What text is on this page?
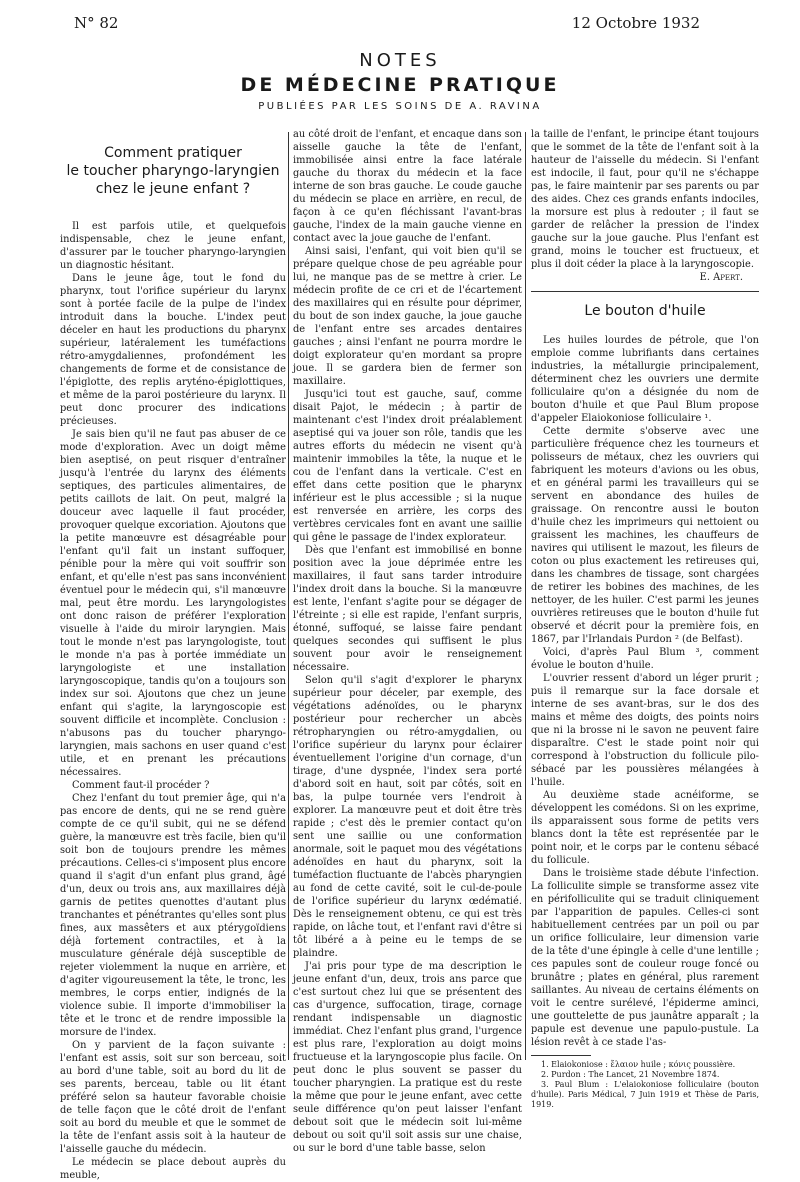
N° 82	12 Octobre 1932
NOTES
DE MÉDECINE PRATIQUE
PUBLIÉES PAR LES SOINS DE A. RAVINA
Comment pratiquer
le toucher pharyngo-laryngien
chez le jeune enfant ?

Il est parfois utile, et quelquefois indispensable, chez le jeune enfant, d'assurer par le toucher pharyngo-laryngien un diagnostic hésitant.

Dans le jeune âge, tout le fond du pharynx, tout l'orifice supérieur du larynx sont à portée facile de la pulpe de l'index introduit dans la bouche. L'index peut déceler en haut les productions du pharynx supérieur, latéralement les tuméfactions rétro-amygdaliennes, profondément les changements de forme et de consistance de l'épiglotte, des replis aryténo-épiglottiques, et même de la paroi postérieure du larynx. Il peut donc procurer des indications précieuses.

Je sais bien qu'il ne faut pas abuser de ce mode d'exploration. Avec un doigt même bien aseptisé, on peut risquer d'entraîner jusqu'à l'entrée du larynx des éléments septiques, des particules alimentaires, de petits caillots de lait. On peut, malgré la douceur avec laquelle il faut procéder, provoquer quelque excoriation. Ajoutons que la petite manœuvre est désagréable pour l'enfant qu'il fait un instant suffoquer, pénible pour la mère qui voit souffrir son enfant, et qu'elle n'est pas sans inconvénient éventuel pour le médecin qui, s'il manœuvre mal, peut être mordu. Les laryngologistes ont donc raison de préférer l'exploration visuelle à l'aide du miroir laryngien. Mais tout le monde n'est pas laryngologiste, tout le monde n'a pas à portée immédiate un laryngologiste et une installation laryngoscopique, tandis qu'on a toujours son index sur soi. Ajoutons que chez un jeune enfant qui s'agite, la laryngoscopie est souvent difficile et incomplète. Conclusion : n'abusons pas du toucher pharyngo-laryngien, mais sachons en user quand c'est utile, et en prenant les précautions nécessaires.

Comment faut-il procéder ?

Chez l'enfant du tout premier âge, qui n'a pas encore de dents, qui ne se rend guère compte de ce qu'il subit, qui ne se défend guère, la manœuvre est très facile, bien qu'il soit bon de toujours prendre les mêmes précautions. Celles-ci s'imposent plus encore quand il s'agit d'un enfant plus grand, âgé d'un, deux ou trois ans, aux maxillaires déjà garnis de petites quenottes d'autant plus tranchantes et pénétrantes qu'elles sont plus fines, aux massêters et aux ptérygoïdiens déjà fortement contractiles, et à la musculature générale déjà susceptible de rejeter violemment la nuque en arrière, et d'agiter vigoureusement la tête, le tronc, les membres, le corps entier, indignés de la violence subie. Il importe d'immobiliser la tête et le tronc et de rendre impossible la morsure de l'index.

On y parvient de la façon suivante : l'enfant est assis, soit sur son berceau, soit au bord d'une table, soit au bord du lit de ses parents, berceau, table ou lit étant préféré selon sa hauteur favorable choisie de telle façon que le côté droit de l'enfant soit au bord du meuble et que le sommet de la tête de l'enfant assis soit à la hauteur de l'aisselle gauche du médecin.

Le médecin se place debout auprès du meuble,

au côté droit de l'enfant, et encaque dans son aisselle gauche la tête de l'enfant, immobilisée ainsi entre la face latérale gauche du thorax du médecin et la face interne de son bras gauche. Le coude gauche du médecin se place en arrière, en recul, de façon à ce qu'en fléchissant l'avant-bras gauche, l'index de la main gauche vienne en contact avec la joue gauche de l'enfant.

Ainsi saisi, l'enfant, qui voit bien qu'il se prépare quelque chose de peu agréable pour lui, ne manque pas de se mettre à crier. Le médecin profite de ce cri et de l'écartement des maxillaires qui en résulte pour déprimer, du bout de son index gauche, la joue gauche de l'enfant entre ses arcades dentaires gauches ; ainsi l'enfant ne pourra mordre le doigt explorateur qu'en mordant sa propre joue. Il se gardera bien de fermer son maxillaire.

Jusqu'ici tout est gauche, sauf, comme disait Pajot, le médecin ; à partir de maintenant c'est l'index droit préalablement aseptisé qui va jouer son rôle, tandis que les autres efforts du médecin ne visent qu'à maintenir immobiles la tête, la nuque et le cou de l'enfant dans la verticale. C'est en effet dans cette position que le pharynx inférieur est le plus accessible ; si la nuque est renversée en arrière, les corps des vertèbres cervicales font en avant une saillie qui gêne le passage de l'index explorateur.

Dès que l'enfant est immobilisé en bonne position avec la joue déprimée entre les maxillaires, il faut sans tarder introduire l'index droit dans la bouche. Si la manœuvre est lente, l'enfant s'agite pour se dégager de l'étreinte ; si elle est rapide, l'enfant surpris, étonné, suffoqué, se laisse faire pendant quelques secondes qui suffisent le plus souvent pour avoir le renseignement nécessaire.

Selon qu'il s'agit d'explorer le pharynx supérieur pour déceler, par exemple, des végétations adénoïdes, ou le pharynx postérieur pour rechercher un abcès rétropharyngien ou rétro-amygdalien, ou l'orifice supérieur du larynx pour éclairer éventuellement l'origine d'un cornage, d'un tirage, d'une dyspnée, l'index sera porté d'abord soit en haut, soit par côtés, soit en bas, la pulpe tournée vers l'endroit à explorer. La manœuvre peut et doit être très rapide ; c'est dès le premier contact qu'on sent une saillie ou une conformation anormale, soit le paquet mou des végétations adénoïdes en haut du pharynx, soit la tuméfaction fluctuante de l'abcès pharyngien au fond de cette cavité, soit le cul-de-poule de l'orifice supérieur du larynx œdématié. Dès le renseignement obtenu, ce qui est très rapide, on lâche tout, et l'enfant ravi d'être si tôt libéré a à peine eu le temps de se plaindre.

J'ai pris pour type de ma description le jeune enfant d'un, deux, trois ans parce que c'est surtout chez lui que se présentent des cas d'urgence, suffocation, tirage, cornage rendant indispensable un diagnostic immédiat. Chez l'enfant plus grand, l'urgence est plus rare, l'exploration au doigt moins fructueuse et la laryngoscopie plus facile. On peut donc le plus souvent se passer du toucher pharyngien. La pratique est du reste la même que pour le jeune enfant, avec cette seule différence qu'on peut laisser l'enfant debout soit que le médecin soit lui-même debout ou soit qu'il soit assis sur une chaise, ou sur le bord d'une table basse, selon

la taille de l'enfant, le principe étant toujours que le sommet de la tête de l'enfant soit à la hauteur de l'aisselle du médecin. Si l'enfant est indocile, il faut, pour qu'il ne s'échappe pas, le faire maintenir par ses parents ou par des aides. Chez ces grands enfants indociles, la morsure est plus à redouter ; il faut se garder de relâcher la pression de l'index gauche sur la joue gauche. Plus l'enfant est grand, moins le toucher est fructueux, et plus il doit céder la place à la laryngoscopie.

E. Apert.
Le bouton d'huile

Les huiles lourdes de pétrole, que l'on emploie comme lubrifiants dans certaines industries, la métallurgie principalement, déterminent chez les ouvriers une dermite folliculaire qu'on a désignée du nom de bouton d'huile et que Paul Blum propose d'appeler Elaiokoniose folliculaire ¹.

Cette dermite s'observe avec une particulière fréquence chez les tourneurs et polisseurs de métaux, chez les ouvriers qui fabriquent les moteurs d'avions ou les obus, et en général parmi les travailleurs qui se servent en abondance des huiles de graissage. On rencontre aussi le bouton d'huile chez les imprimeurs qui nettoient ou graissent les machines, les chauffeurs de navires qui utilisent le mazout, les fileurs de coton ou plus exactement les retireuses qui, dans les chambres de tissage, sont chargées de retirer les bobines des machines, de les nettoyer, de les huiler. C'est parmi les jeunes ouvrières retireuses que le bouton d'huile fut observé et décrit pour la première fois, en 1867, par l'Irlandais Purdon ² (de Belfast).

Voici, d'après Paul Blum ³, comment évolue le bouton d'huile.

L'ouvrier ressent d'abord un léger prurit ; puis il remarque sur la face dorsale et interne de ses avant-bras, sur le dos des mains et même des doigts, des points noirs que ni la brosse ni le savon ne peuvent faire disparaître. C'est le stade point noir qui correspond à l'obstruction du follicule pilo-sébacé par les poussières mélangées à l'huile.

Au deuxième stade acnéiforme, se développent les comédons. Si on les exprime, ils apparaissent sous forme de petits vers blancs dont la tête est représentée par le point noir, et le corps par le contenu sébacé du follicule.

Dans le troisième stade débute l'infection. La folliculite simple se transforme assez vite en périfolliculite qui se traduit cliniquement par l'apparition de papules. Celles-ci sont habituellement centrées par un poil ou par un orifice folliculaire, leur dimension varie de la tête d'une épingle à celle d'une lentille ; ces papules sont de couleur rouge foncé ou brunâtre ; plates en général, plus rarement saillantes. Au niveau de certains éléments on voit le centre surélevé, l'épiderme aminci, une gouttelette de pus jaunâtre apparaît ; la papule est devenue une papulo-pustule. La lésion revêt à ce stade l'as-

1. Elaiokoniose : ἔλαιον huile ; κόνις poussière.

2. Purdon : The Lancet, 21 Novembre 1874.

3. Paul Blum : L'elaiokoniose folliculaire (bouton d'huile). Paris Médical, 7 Juin 1919 et Thèse de Paris, 1919.
